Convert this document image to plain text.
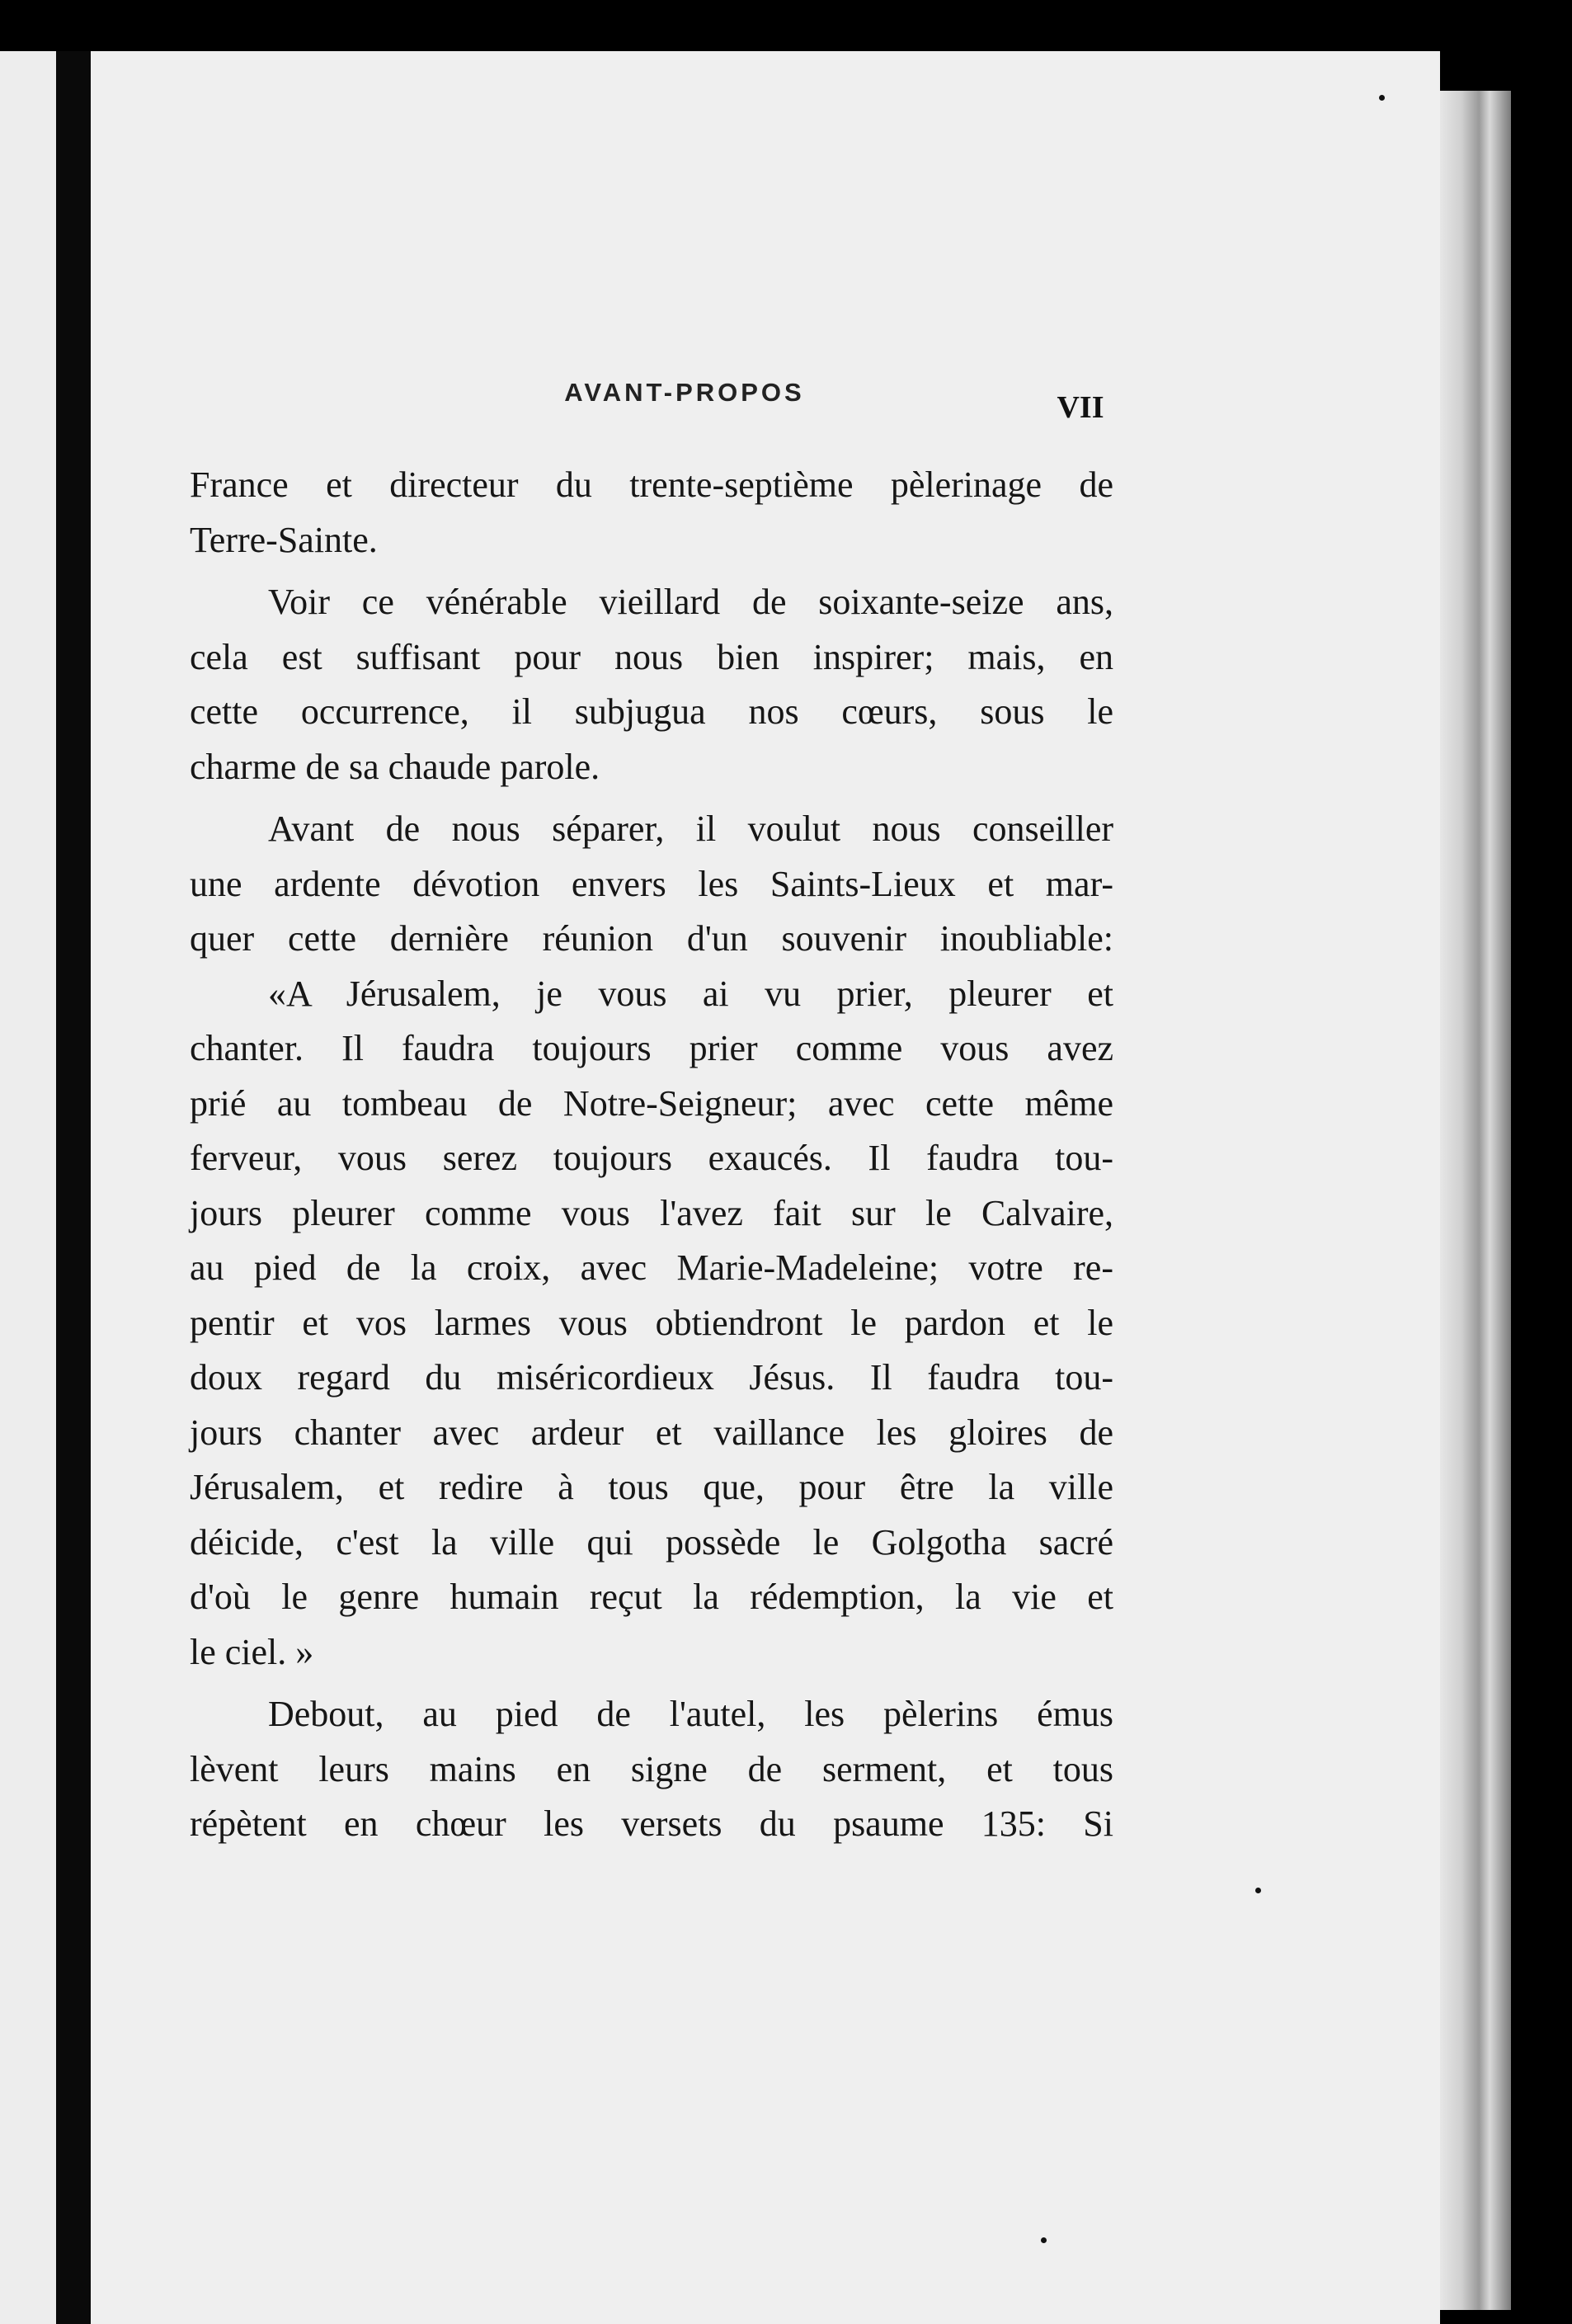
AVANT-PROPOS	VII
France et directeur du trente-septième pèlerinage de
Terre-Sainte.
Voir ce vénérable vieillard de soixante-seize ans,
cela est suffisant pour nous bien inspirer; mais, en
cette occurrence, il subjugua nos cœurs, sous le
charme de sa chaude parole.
Avant de nous séparer, il voulut nous conseiller
une ardente dévotion envers les Saints-Lieux et mar-
quer cette dernière réunion d'un souvenir inoubliable:
«A Jérusalem, je vous ai vu prier, pleurer et
chanter. Il faudra toujours prier comme vous avez
prié au tombeau de Notre-Seigneur; avec cette même
ferveur, vous serez toujours exaucés. Il faudra tou-
jours pleurer comme vous l'avez fait sur le Calvaire,
au pied de la croix, avec Marie-Madeleine; votre re-
pentir et vos larmes vous obtiendront le pardon et le
doux regard du miséricordieux Jésus. Il faudra tou-
jours chanter avec ardeur et vaillance les gloires de
Jérusalem, et redire à tous que, pour être la ville
déicide, c'est la ville qui possède le Golgotha sacré
d'où le genre humain reçut la rédemption, la vie et
le ciel. »
Debout, au pied de l'autel, les pèlerins émus
lèvent leurs mains en signe de serment, et tous
répètent en chœur les versets du psaume 135: Si
